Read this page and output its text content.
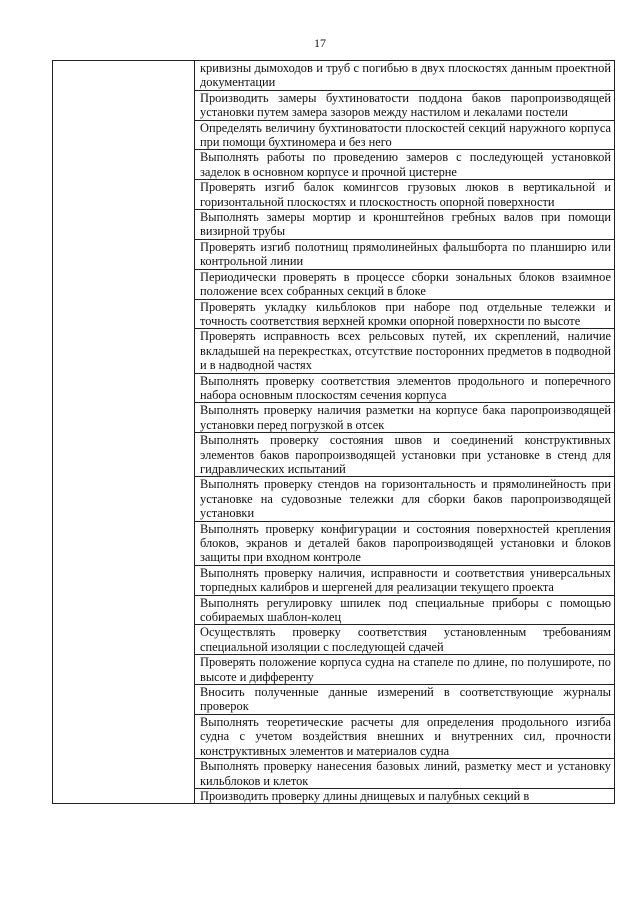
17
	кривизны дымоходов и труб с погибью в двух плоскостях данным проектной документации
Производить замеры бухтиноватости поддона баков паропроизводящей установки путем замера зазоров между настилом и лекалами постели
Определять величину бухтиноватости плоскостей секций наружного корпуса при помощи бухтиномера и без него
Выполнять работы по проведению замеров с последующей установкой заделок в основном корпусе и прочной цистерне
Проверять изгиб балок комингсов грузовых люков в вертикальной и горизонтальной плоскостях и плоскостность опорной поверхности
Выполнять замеры мортир и кронштейнов гребных валов при помощи визирной трубы
Проверять изгиб полотнищ прямолинейных фальшборта по планширю или контрольной линии
Периодически проверять в процессе сборки зональных блоков взаимное положение всех собранных секций в блоке
Проверять укладку кильблоков при наборе под отдельные тележки и точность соответствия верхней кромки опорной поверхности по высоте
Проверять исправность всех рельсовых путей, их скреплений, наличие вкладышей на перекрестках, отсутствие посторонних предметов в подводной и в надводной частях
Выполнять проверку соответствия элементов продольного и поперечного набора основным плоскостям сечения корпуса
Выполнять проверку наличия разметки на корпусе бака паропроизводящей установки перед погрузкой в отсек
Выполнять проверку состояния швов и соединений конструктивных элементов баков паропроизводящей установки при установке в стенд для гидравлических испытаний
Выполнять проверку стендов на горизонтальность и прямолинейность при установке на судовозные тележки для сборки баков паропроизводящей установки
Выполнять проверку конфигурации и состояния поверхностей крепления блоков, экранов и деталей баков паропроизводящей установки и блоков защиты при входном контроле
Выполнять проверку наличия, исправности и соответствия универсальных торпедных калибров и шергеней для реализации текущего проекта
Выполнять регулировку шпилек под специальные приборы с помощью собираемых шаблон-колец
Осуществлять проверку соответствия установленным требованиям специальной изоляции с последующей сдачей
Проверять положение корпуса судна на стапеле по длине, по полушироте, по высоте и дифференту
Вносить полученные данные измерений в соответствующие журналы проверок
Выполнять теоретические расчеты для определения продольного изгиба судна с учетом воздействия внешних и внутренних сил, прочности конструктивных элементов и материалов судна
Выполнять проверку нанесения базовых линий, разметку мест и установку кильблоков и клеток
Производить проверку длины днищевых и палубных секций в
